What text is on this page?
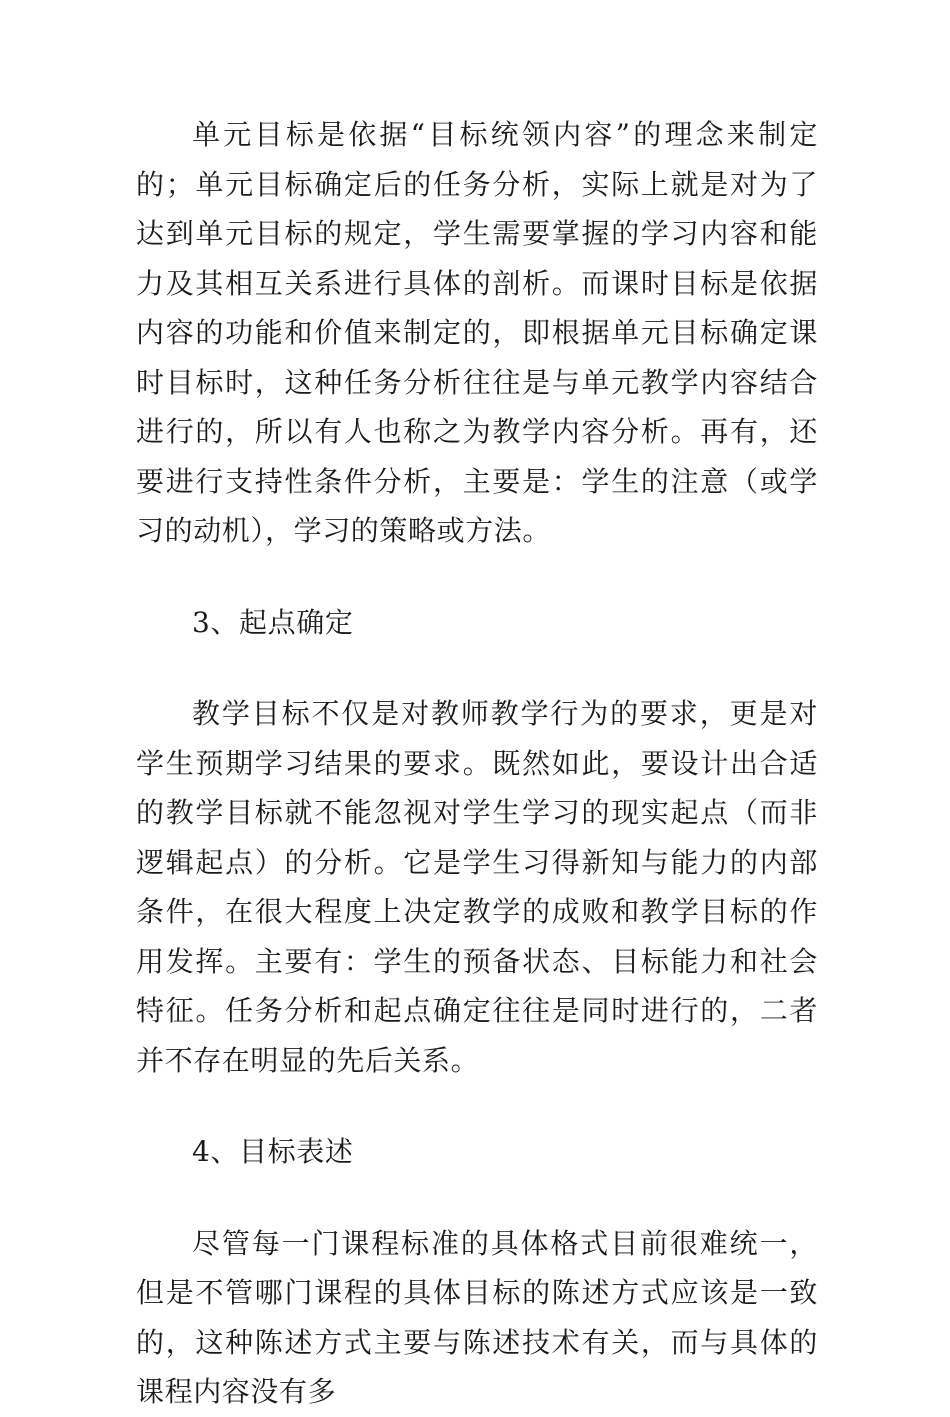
单元目标是依据“目标统领内容”的理念来制定的；单元目标确定后的任务分析，实际上就是对为了达到单元目标的规定，学生需要掌握的学习内容和能力及其相互关系进行具体的剖析。而课时目标是依据内容的功能和价值来制定的，即根据单元目标确定课时目标时，这种任务分析往往是与单元教学内容结合进行的，所以有人也称之为教学内容分析。再有，还要进行支持性条件分析，主要是：学生的注意（或学习的动机），学习的策略或方法。

3、起点确定

教学目标不仅是对教师教学行为的要求，更是对学生预期学习结果的要求。既然如此，要设计出合适的教学目标就不能忽视对学生学习的现实起点（而非逻辑起点）的分析。它是学生习得新知与能力的内部条件，在很大程度上决定教学的成败和教学目标的作用发挥。主要有：学生的预备状态、目标能力和社会特征。任务分析和起点确定往往是同时进行的，二者并不存在明显的先后关系。

4、目标表述

尽管每一门课程标准的具体格式目前很难统一，但是不管哪门课程的具体目标的陈述方式应该是一致的，这种陈述方式主要与陈述技术有关，而与具体的课程内容没有多
